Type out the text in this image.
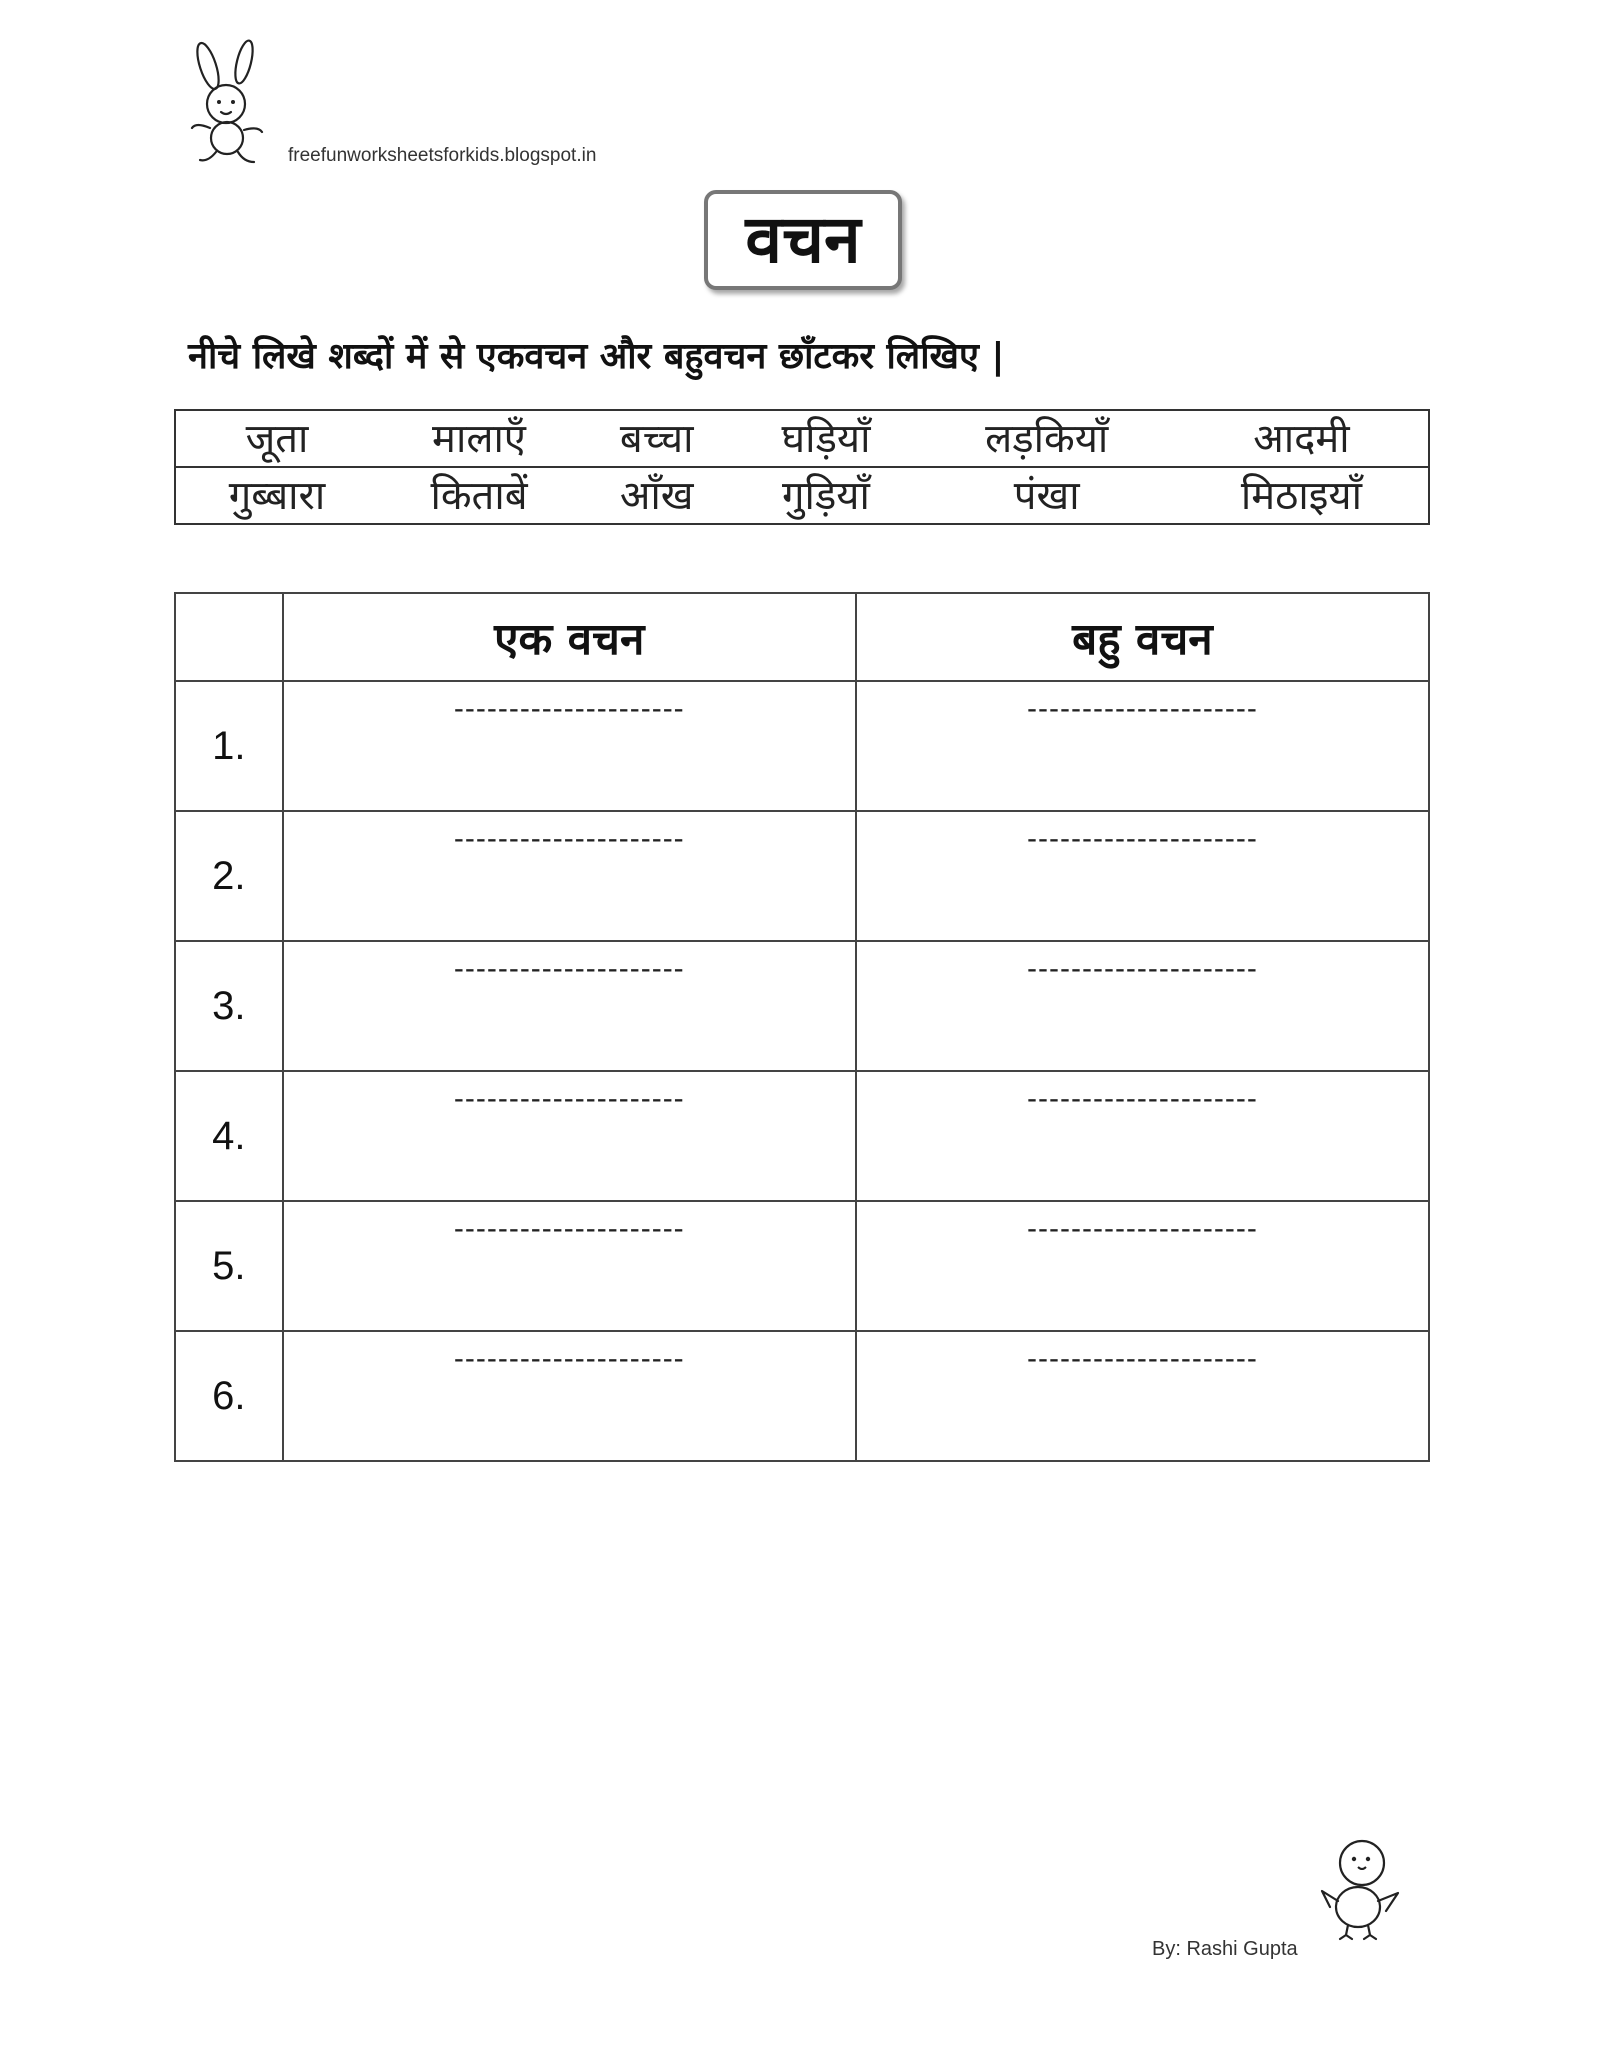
freefunworksheetsforkids.blogspot.in
वचन
नीचे लिखे शब्दों में से एकवचन और बहुवचन छाँटकर लिखिए |
जूता	मालाएँ	बच्चा	घड़ियाँ	लड़कियाँ	आदमी
गुब्बारा	किताबें	आँख	गुड़ियाँ	पंखा	मिठाइयाँ
	एक वचन	बहु वचन
1.	---------------------	---------------------

2.	---------------------	---------------------

3.	---------------------	---------------------

4.	---------------------	---------------------

5.	---------------------	---------------------

6.	---------------------	---------------------
By: Rashi Gupta
